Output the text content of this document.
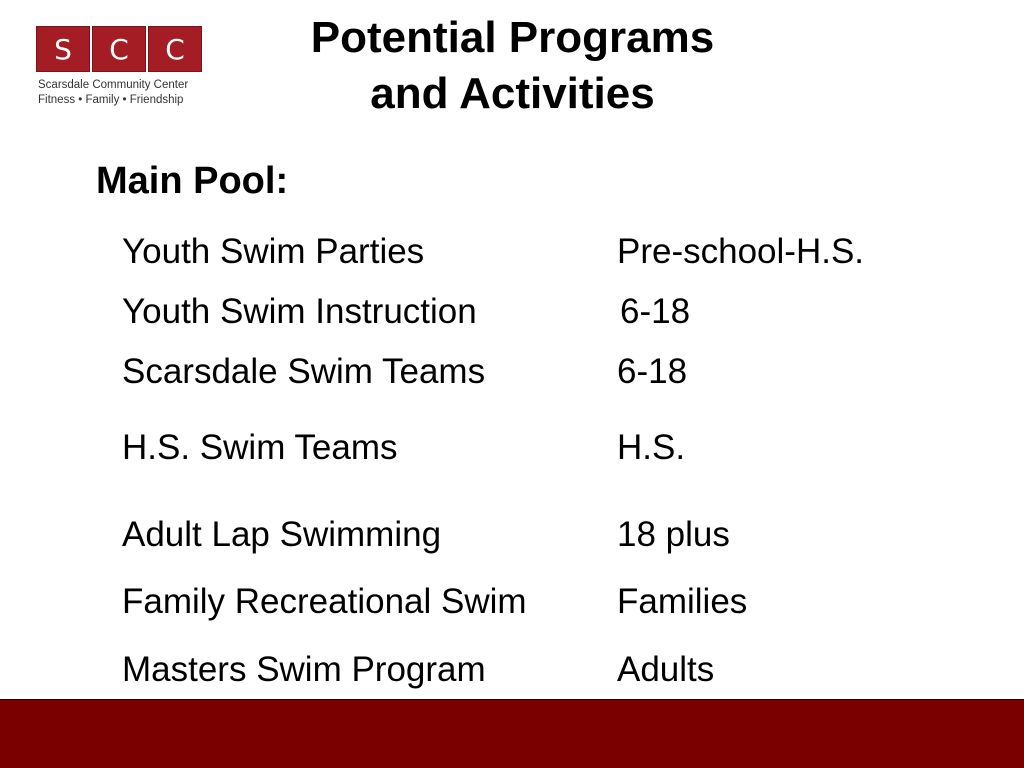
S	C	C
Scarsdale Community Center
Fitness • Family • Friendship
Potential Programs
and Activities
Main Pool:
Youth Swim Parties	Pre-school-H.S.
Youth Swim Instruction	6-18
Scarsdale Swim Teams	6-18
H.S. Swim Teams	H.S.
Adult Lap Swimming	18 plus
Family Recreational Swim	Families
Masters Swim Program	Adults
